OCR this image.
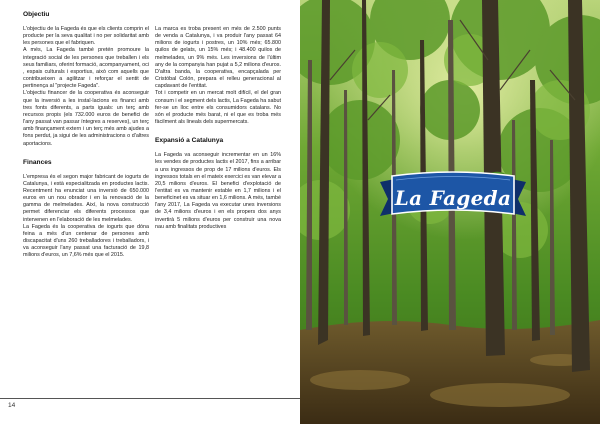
Objectiu

L'objectiu de la Fageda és que els clients comprin el producte per la seva qualitat i no per solidaritat amb les persones que el fabriquen.

A més, La Fageda també pretén promoure la integració social de les persones que treballen i els seus familiars, oferint formació, acompanyament, oci , espais culturals i esportius, això com aquells que contribueixen a agilitzar i reforçar el sentit de pertinença al "projecte Fageda".

L'objectiu financer de la cooperativa és aconseguir que la inversió a les instal·lacions es financi amb tres fonts diferents, a parts iguals: un terç amb recursos propis (els 732.000 euros de benefici de l'any passat van passar íntegres a reserves), un terç amb finançament extern i un terç més amb ajudes a fons perdut, ja sigui de les administracions o d'altres aportacions.

Finances

L'empresa és el segon major fabricant de iogurts de Catalunya, i està especialitzada en productes lactis. Recentment ha enunciat una inversió de 650.000 euros en un nou obrador i en la renovació de la gamma de melmelades. Així, la nova construcció permet diferenciar els diferents processos que intervenen en l'elaboració de les melmelades.

La Fageda és la cooperativa de iogurts que dóna feina a més d'un centenar de persones amb discapacitat d'uns 260 treballadores i treballadors, i va aconseguir l'any passat una facturació de 19,8 milions d'euros, un 7,6% més que el 2015.

La marca es troba present en més de 2.500 punts de venda a Catalunya, i va produir l'any passat 64 milions de iogurts i postres, un 10% més; 65.800 quilos de gelats, un 15% més; i 48.400 quilos de melmelades, un 9% més. Les inversions de l'últim any de la companyia han pujat a 5,2 milions d'euros. D'altra banda, la cooperativa, encapçalada per Cristóbal Colón, prepara el relleu generacional al capdavant de l'entitat.

Tot i competir en un mercat molt difícil, el del gran consum i el segment dels lactis, La Fageda ha sabut fer-se un lloc entre els consumidors catalans. No són el producte més barat, ni el que es troba més fàcilment als lineals dels supermercats.

Expansió a Catalunya

La Fageda va aconseguir incrementar en un 16% les vendes de productes lactis el 2017, fins a arribar a uns ingressos de prop de 17 milions d'euros. Els ingressos totals en el mateix exercici es van elevar a 20,5 milions d'euros. El benefici d'explotació de l'entitat es va mantenir estable en 1,7 milions i el beneficinet es va situar en 1,6 milions. A més, també l'any 2017, La Fageda va executar unes inversions de 3,4 milions d'euros i en els propers dos anys invertirà 5 milions d'euros per construir una nova nau amb finalitats productives

14
La Fageda
